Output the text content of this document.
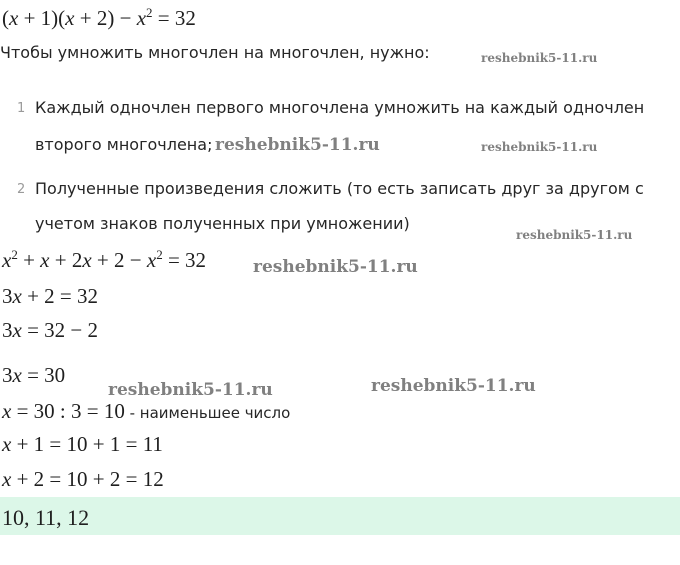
$(x + 1)(x + 2) - x^2 = 32$
Чтобы умножить многочлен на многочлен, нужно:	reshebnik5-11.ru
1 Каждый одночлен первого многочлена умножить на каждый одночлен
второго многочлена; reshebnik5-11.ru	reshebnik5-11.ru
2 Полученные произведения сложить (то есть записать друг за другом с
учетом знаков полученных при умножении)
reshebnik5-11.ru
$x^2 + x + 2x + 2 - x^2 = 32$	reshebnik5-11.ru
3x + 2 = 32
3x = 32 − 2
3x = 30
reshebnik5-11.ru	reshebnik5-11.ru
x = 30 : 3 = 10 - наименьшее число
x + 1 = 10 + 1 = 11
x + 2 = 10 + 2 = 12
10, 11, 12
